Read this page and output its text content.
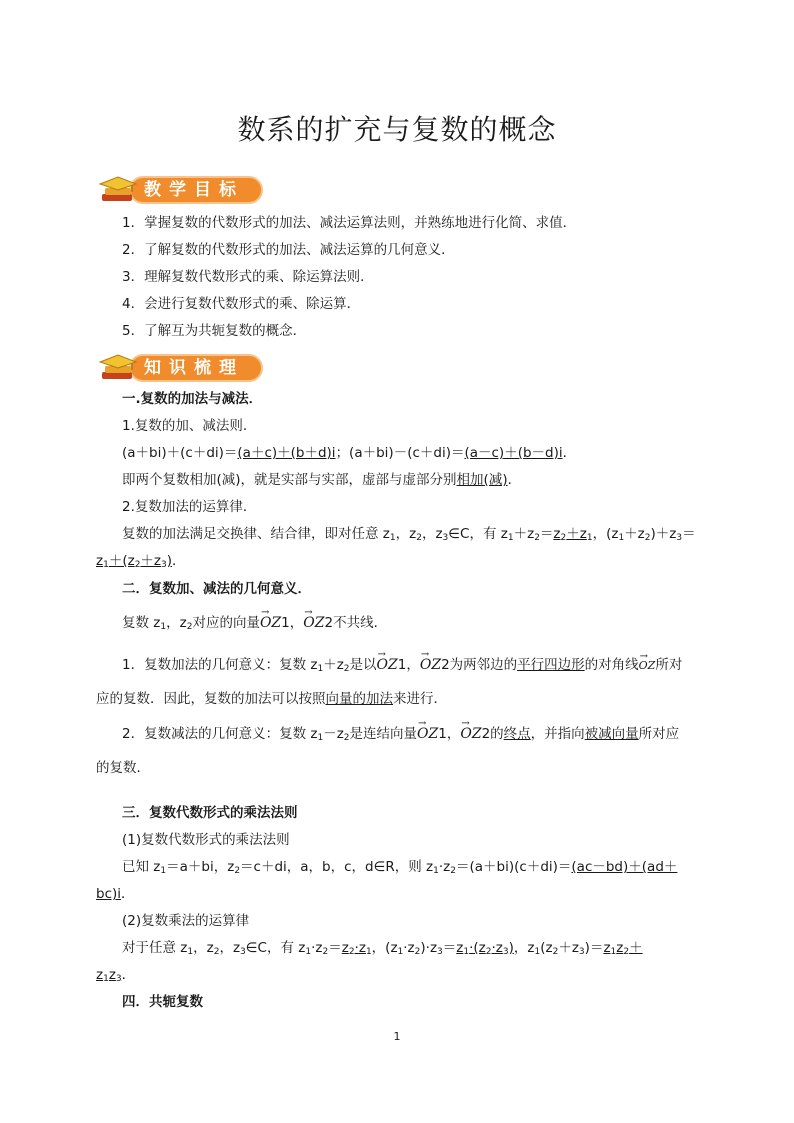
数系的扩充与复数的概念
教学目标
1．掌握复数的代数形式的加法、减法运算法则，并熟练地进行化简、求值．
2．了解复数的代数形式的加法、减法运算的几何意义．
3．理解复数代数形式的乘、除运算法则．
4．会进行复数代数形式的乘、除运算．
5．了解互为共轭复数的概念．
知识梳理
一.复数的加法与减法．
1.复数的加、减法则．
(a＋bi)＋(c＋di)＝(a＋c)＋(b＋d)i；(a＋bi)－(c＋di)＝(a－c)＋(b－d)i．
即两个复数相加(减)，就是实部与实部，虚部与虚部分别相加(减)．
2.复数加法的运算律．
复数的加法满足交换律、结合律，即对任意 $z_1$，$z_2$，$z_3\in C$，有 $z_1+z_2=z_2+z_1$，$(z_1+z_2)+z_3=$
$z_1+(z_2+z_3)$．
二．复数加、减法的几何意义．
复数 $z_1$，$z_2$对应的向量→ OZ1，→ OZ2不共线．
1．复数加法的几何意义：复数 $z_1+z_2$是以→ OZ1，→ OZ2为两邻边的平行四边形的对角线→ OZ所对
应的复数．因此，复数的加法可以按照向量的加法来进行．
2．复数减法的几何意义：复数 $z_1-z_2$是连结向量→ OZ1，→ OZ2的终点，并指向被减向量所对应
的复数．
三．复数代数形式的乘法法则
(1)复数代数形式的乘法法则
已知 $z_1=a+bi$，$z_2=c+di$，a，b，c，d∈R，则 $z_1\cdot z_2=(a+bi)(c+di)=(ac-bd)+(ad+$
bc)i．
(2)复数乘法的运算律
对于任意 $z_1$，$z_2$，$z_3\in C$，有 $z_1\cdot z_2=z_2\cdot z_1$，$(z_1\cdot z_2)\cdot z_3=z_1\cdot(z_2\cdot z_3)$，$z_1(z_2+z_3)=z_1z_2+$
$z_1z_3$．
四．共轭复数
1
